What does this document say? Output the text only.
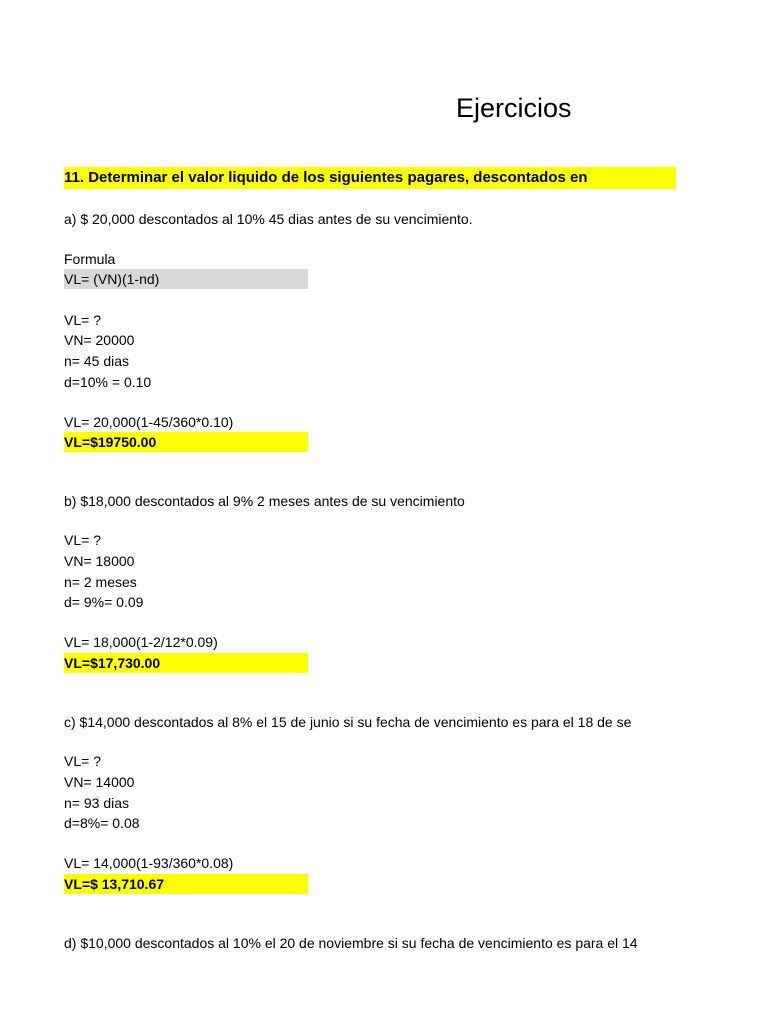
Ejercicios
11. Determinar el valor liquido de los siguientes pagares, descontados en
a) $ 20,000 descontados al 10% 45 dias antes de su vencimiento.
Formula
VL= (VN)(1-nd)
VL= ?
VN= 20000
n= 45 dias
d=10% = 0.10
VL= 20,000(1-45/360*0.10)
VL=$19750.00
b) $18,000 descontados al 9% 2 meses antes de su vencimiento
VL= ?
VN= 18000
n= 2 meses
d= 9%= 0.09
VL= 18,000(1-2/12*0.09)
VL=$17,730.00
c) $14,000 descontados al 8% el 15 de junio si su fecha de vencimiento es para el 18 de se
VL= ?
VN= 14000
n= 93 dias
d=8%= 0.08
VL= 14,000(1-93/360*0.08)
VL=$ 13,710.67
d) $10,000 descontados al 10% el 20 de noviembre si su fecha de vencimiento es para el 14
